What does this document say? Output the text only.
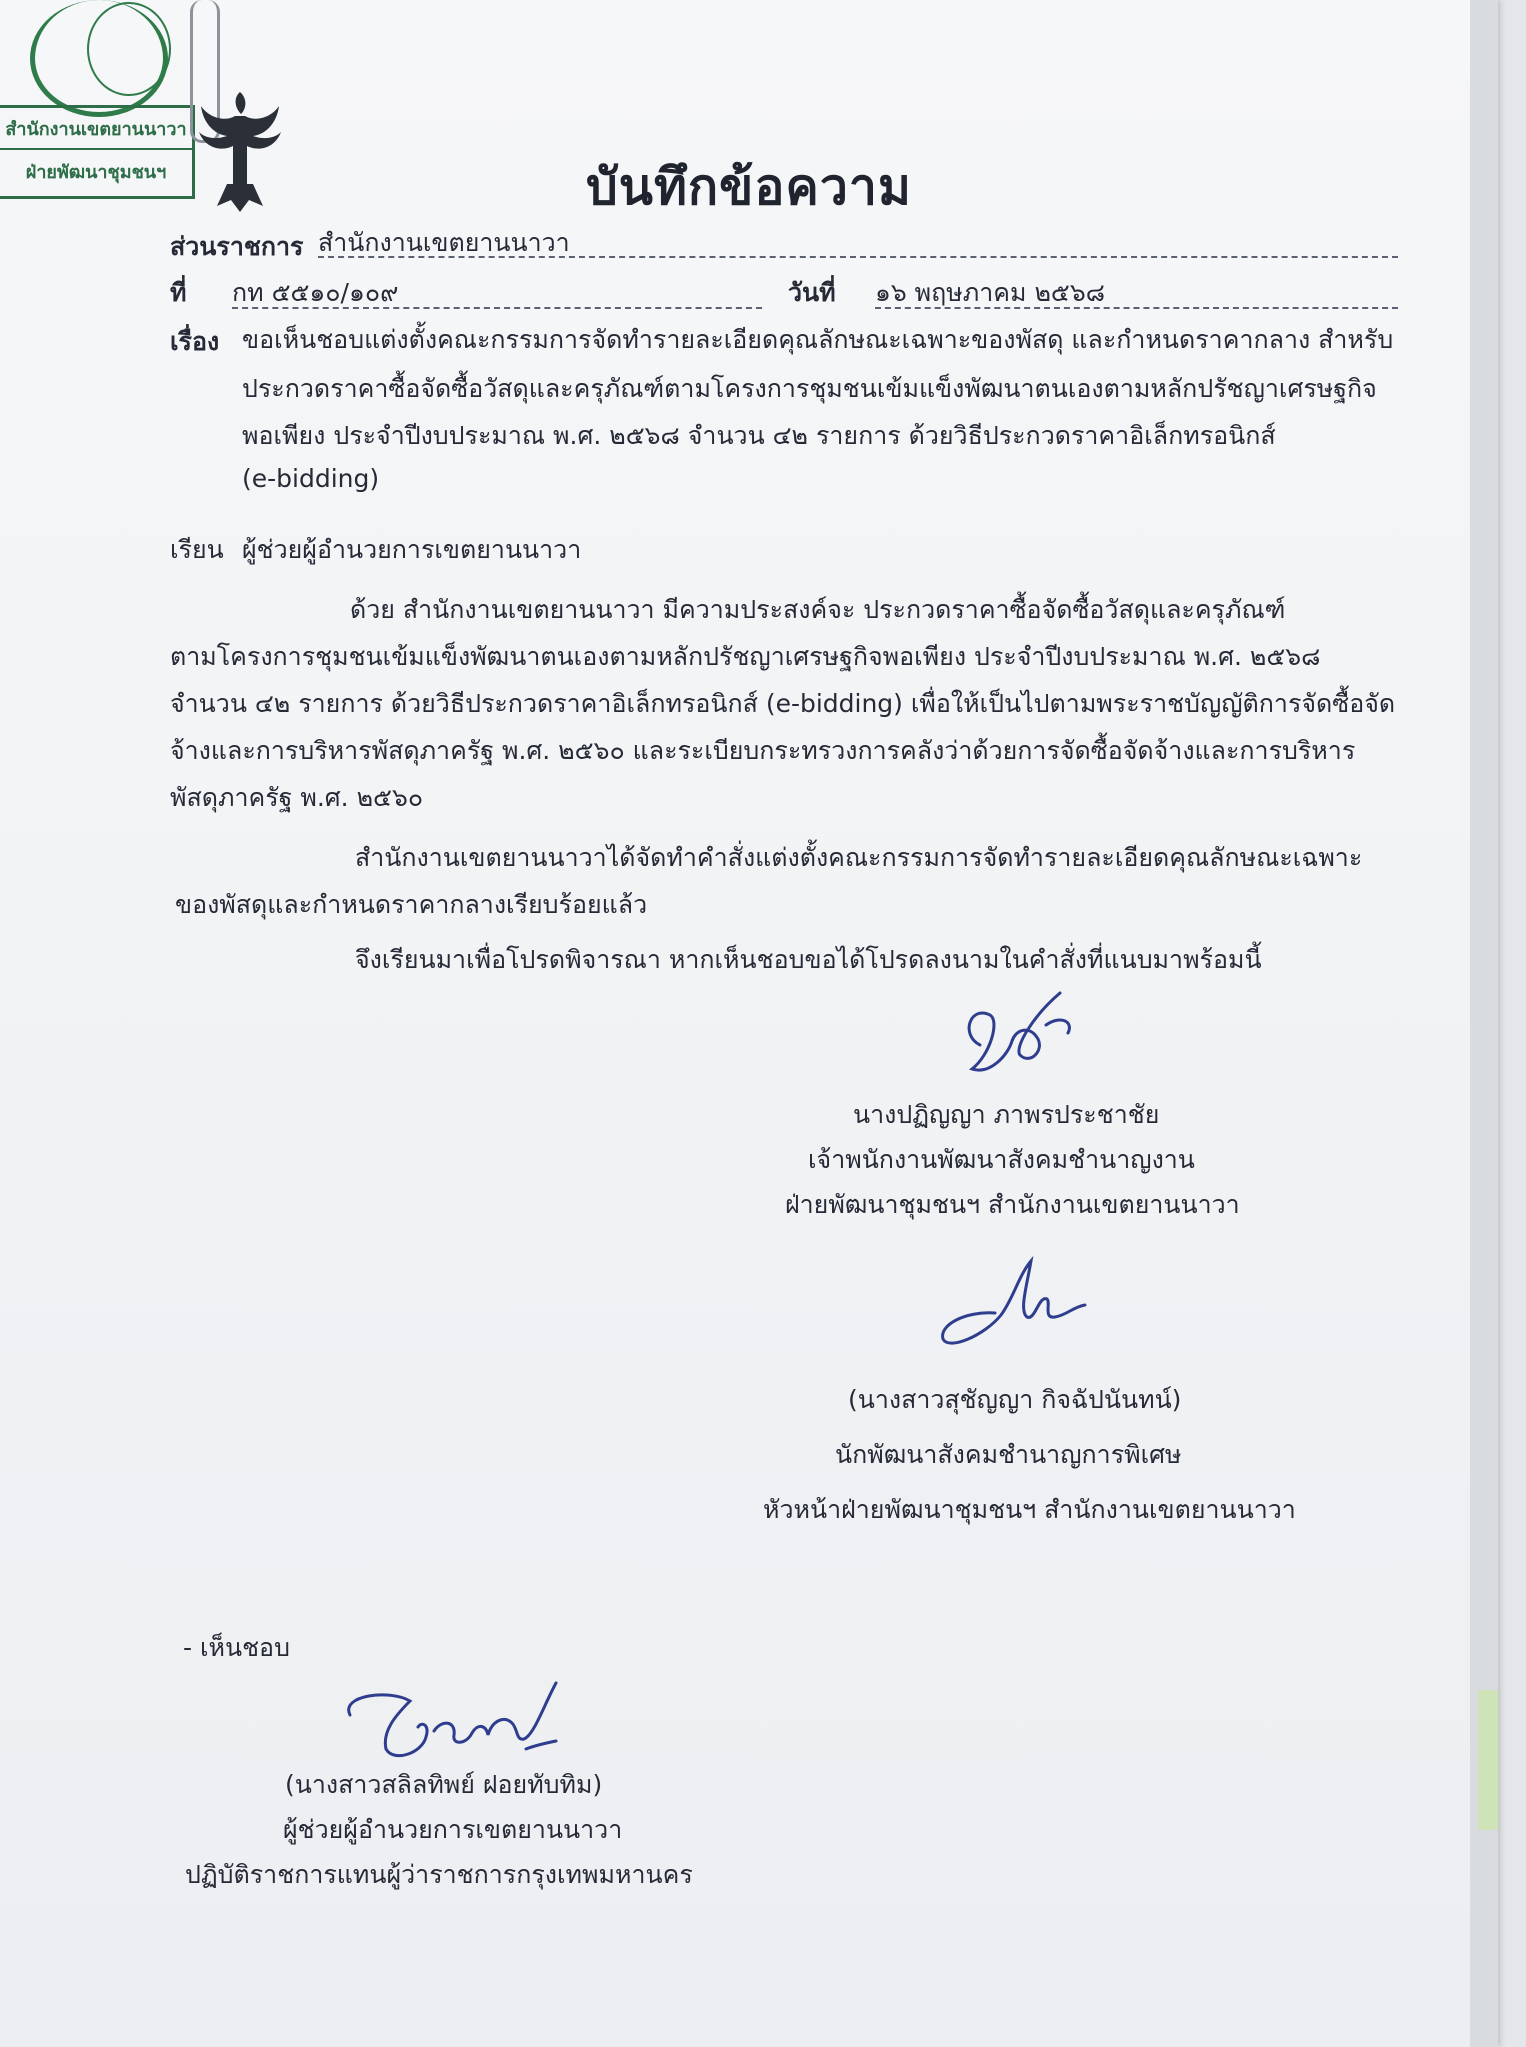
สำนักงานเขตยานนาวา
ฝ่ายพัฒนาชุมชนฯ	บันทึกข้อความ
ส่วนราชการ สำนักงานเขตยานนาวา
ที่ กท ๕๕๑๐/๑๐๙	วันที่ ๑๖ พฤษภาคม ๒๕๖๘
เรื่อง ขอเห็นชอบแต่งตั้งคณะกรรมการจัดทำรายละเอียดคุณลักษณะเฉพาะของพัสดุ และกำหนดราคากลาง สำหรับ
ประกวดราคาซื้อจัดซื้อวัสดุและครุภัณฑ์ตามโครงการชุมชนเข้มแข็งพัฒนาตนเองตามหลักปรัชญาเศรษฐกิจ
พอเพียง ประจำปีงบประมาณ พ.ศ. ๒๕๖๘ จำนวน ๔๒ รายการ ด้วยวิธีประกวดราคาอิเล็กทรอนิกส์
(e-bidding)
เรียน ผู้ช่วยผู้อำนวยการเขตยานนาวา
ด้วย สำนักงานเขตยานนาวา มีความประสงค์จะ ประกวดราคาซื้อจัดซื้อวัสดุและครุภัณฑ์
ตามโครงการชุมชนเข้มแข็งพัฒนาตนเองตามหลักปรัชญาเศรษฐกิจพอเพียง ประจำปีงบประมาณ พ.ศ. ๒๕๖๘
จำนวน ๔๒ รายการ ด้วยวิธีประกวดราคาอิเล็กทรอนิกส์ (e-bidding) เพื่อให้เป็นไปตามพระราชบัญญัติการจัดซื้อจัด
จ้างและการบริหารพัสดุภาครัฐ พ.ศ. ๒๕๖๐ และระเบียบกระทรวงการคลังว่าด้วยการจัดซื้อจัดจ้างและการบริหาร
พัสดุภาครัฐ พ.ศ. ๒๕๖๐
สำนักงานเขตยานนาวาได้จัดทำคำสั่งแต่งตั้งคณะกรรมการจัดทำรายละเอียดคุณลักษณะเฉพาะ
ของพัสดุและกำหนดราคากลางเรียบร้อยแล้ว
จึงเรียนมาเพื่อโปรดพิจารณา หากเห็นชอบขอได้โปรดลงนามในคำสั่งที่แนบมาพร้อมนี้
นางปฏิญญา ภาพรประชาชัย
เจ้าพนักงานพัฒนาสังคมชำนาญงาน
ฝ่ายพัฒนาชุมชนฯ สำนักงานเขตยานนาวา
(นางสาวสุชัญญา กิจฉัปนันทน์)
นักพัฒนาสังคมชำนาญการพิเศษ
หัวหน้าฝ่ายพัฒนาชุมชนฯ สำนักงานเขตยานนาวา
- เห็นชอบ
(นางสาวสลิลทิพย์ ฝอยทับทิม)
ผู้ช่วยผู้อำนวยการเขตยานนาวา
ปฏิบัติราชการแทนผู้ว่าราชการกรุงเทพมหานคร
